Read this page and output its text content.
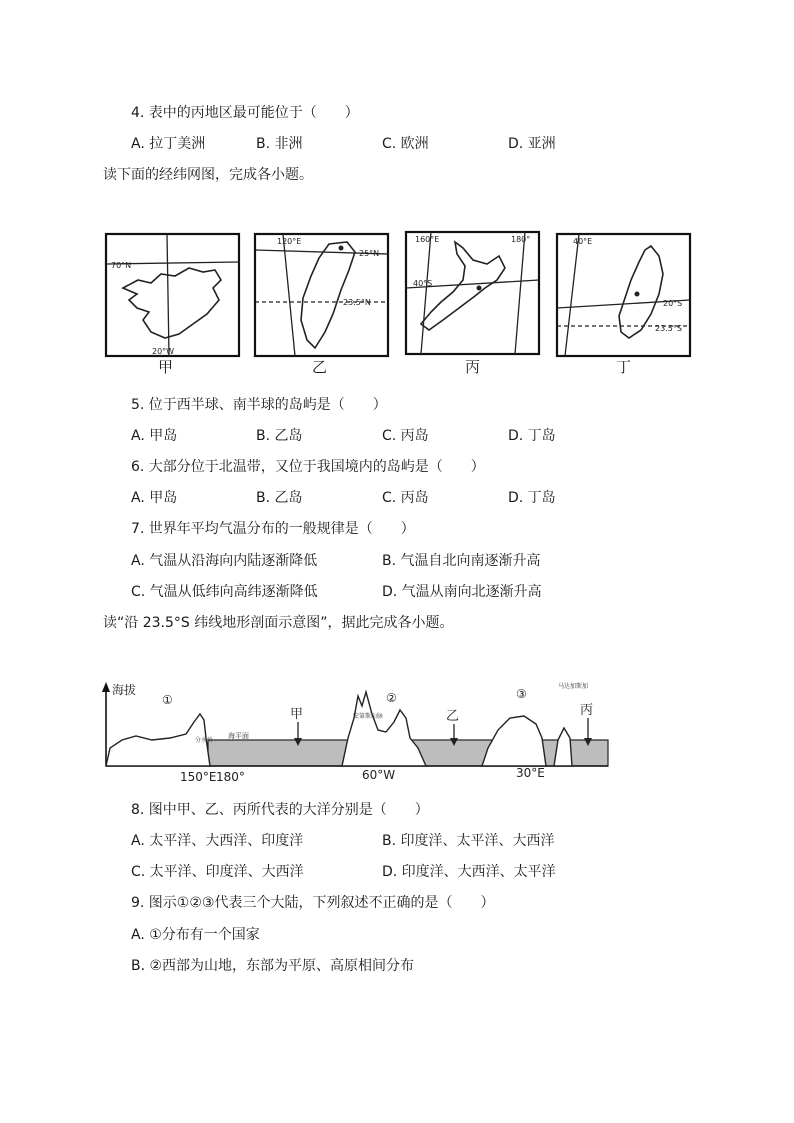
4. 表中的丙地区最可能位于（　　）
A. 拉丁美洲	B. 非洲	C. 欧洲	D. 亚洲
读下面的经纬网图，完成各小题。
70°N
20°W
120°E
25°N
23.5°N
160°E	180°
40°S
40°E
20°S
23.5°S
甲	乙	丙	丁
5. 位于西半球、南半球的岛屿是（　　）
A. 甲岛	B. 乙岛	C. 丙岛	D. 丁岛
6. 大部分位于北温带，又位于我国境内的岛屿是（　　）
A. 甲岛	B. 乙岛	C. 丙岛	D. 丁岛
7. 世界年平均气温分布的一般规律是（　　）
A. 气温从沿海向内陆逐渐降低	B. 气温自北向南逐渐升高
C. 气温从低纬向高纬逐渐降低	D. 气温从南向北逐渐升高
读“沿 23.5°S 纬线地形剖面示意图”，据此完成各小题。
海拔
海平面
①
分水岭
②
安第斯山脉
③
马达加斯加
甲	乙	丙
150°E 180°	60°W	30°E
8. 图中甲、乙、丙所代表的大洋分别是（　　）
A. 太平洋、大西洋、印度洋	B. 印度洋、太平洋、大西洋
C. 太平洋、印度洋、大西洋	D. 印度洋、大西洋、太平洋
9. 图示①②③代表三个大陆，下列叙述不正确的是（　　）
A. ①分布有一个国家
B. ②西部为山地，东部为平原、高原相间分布
